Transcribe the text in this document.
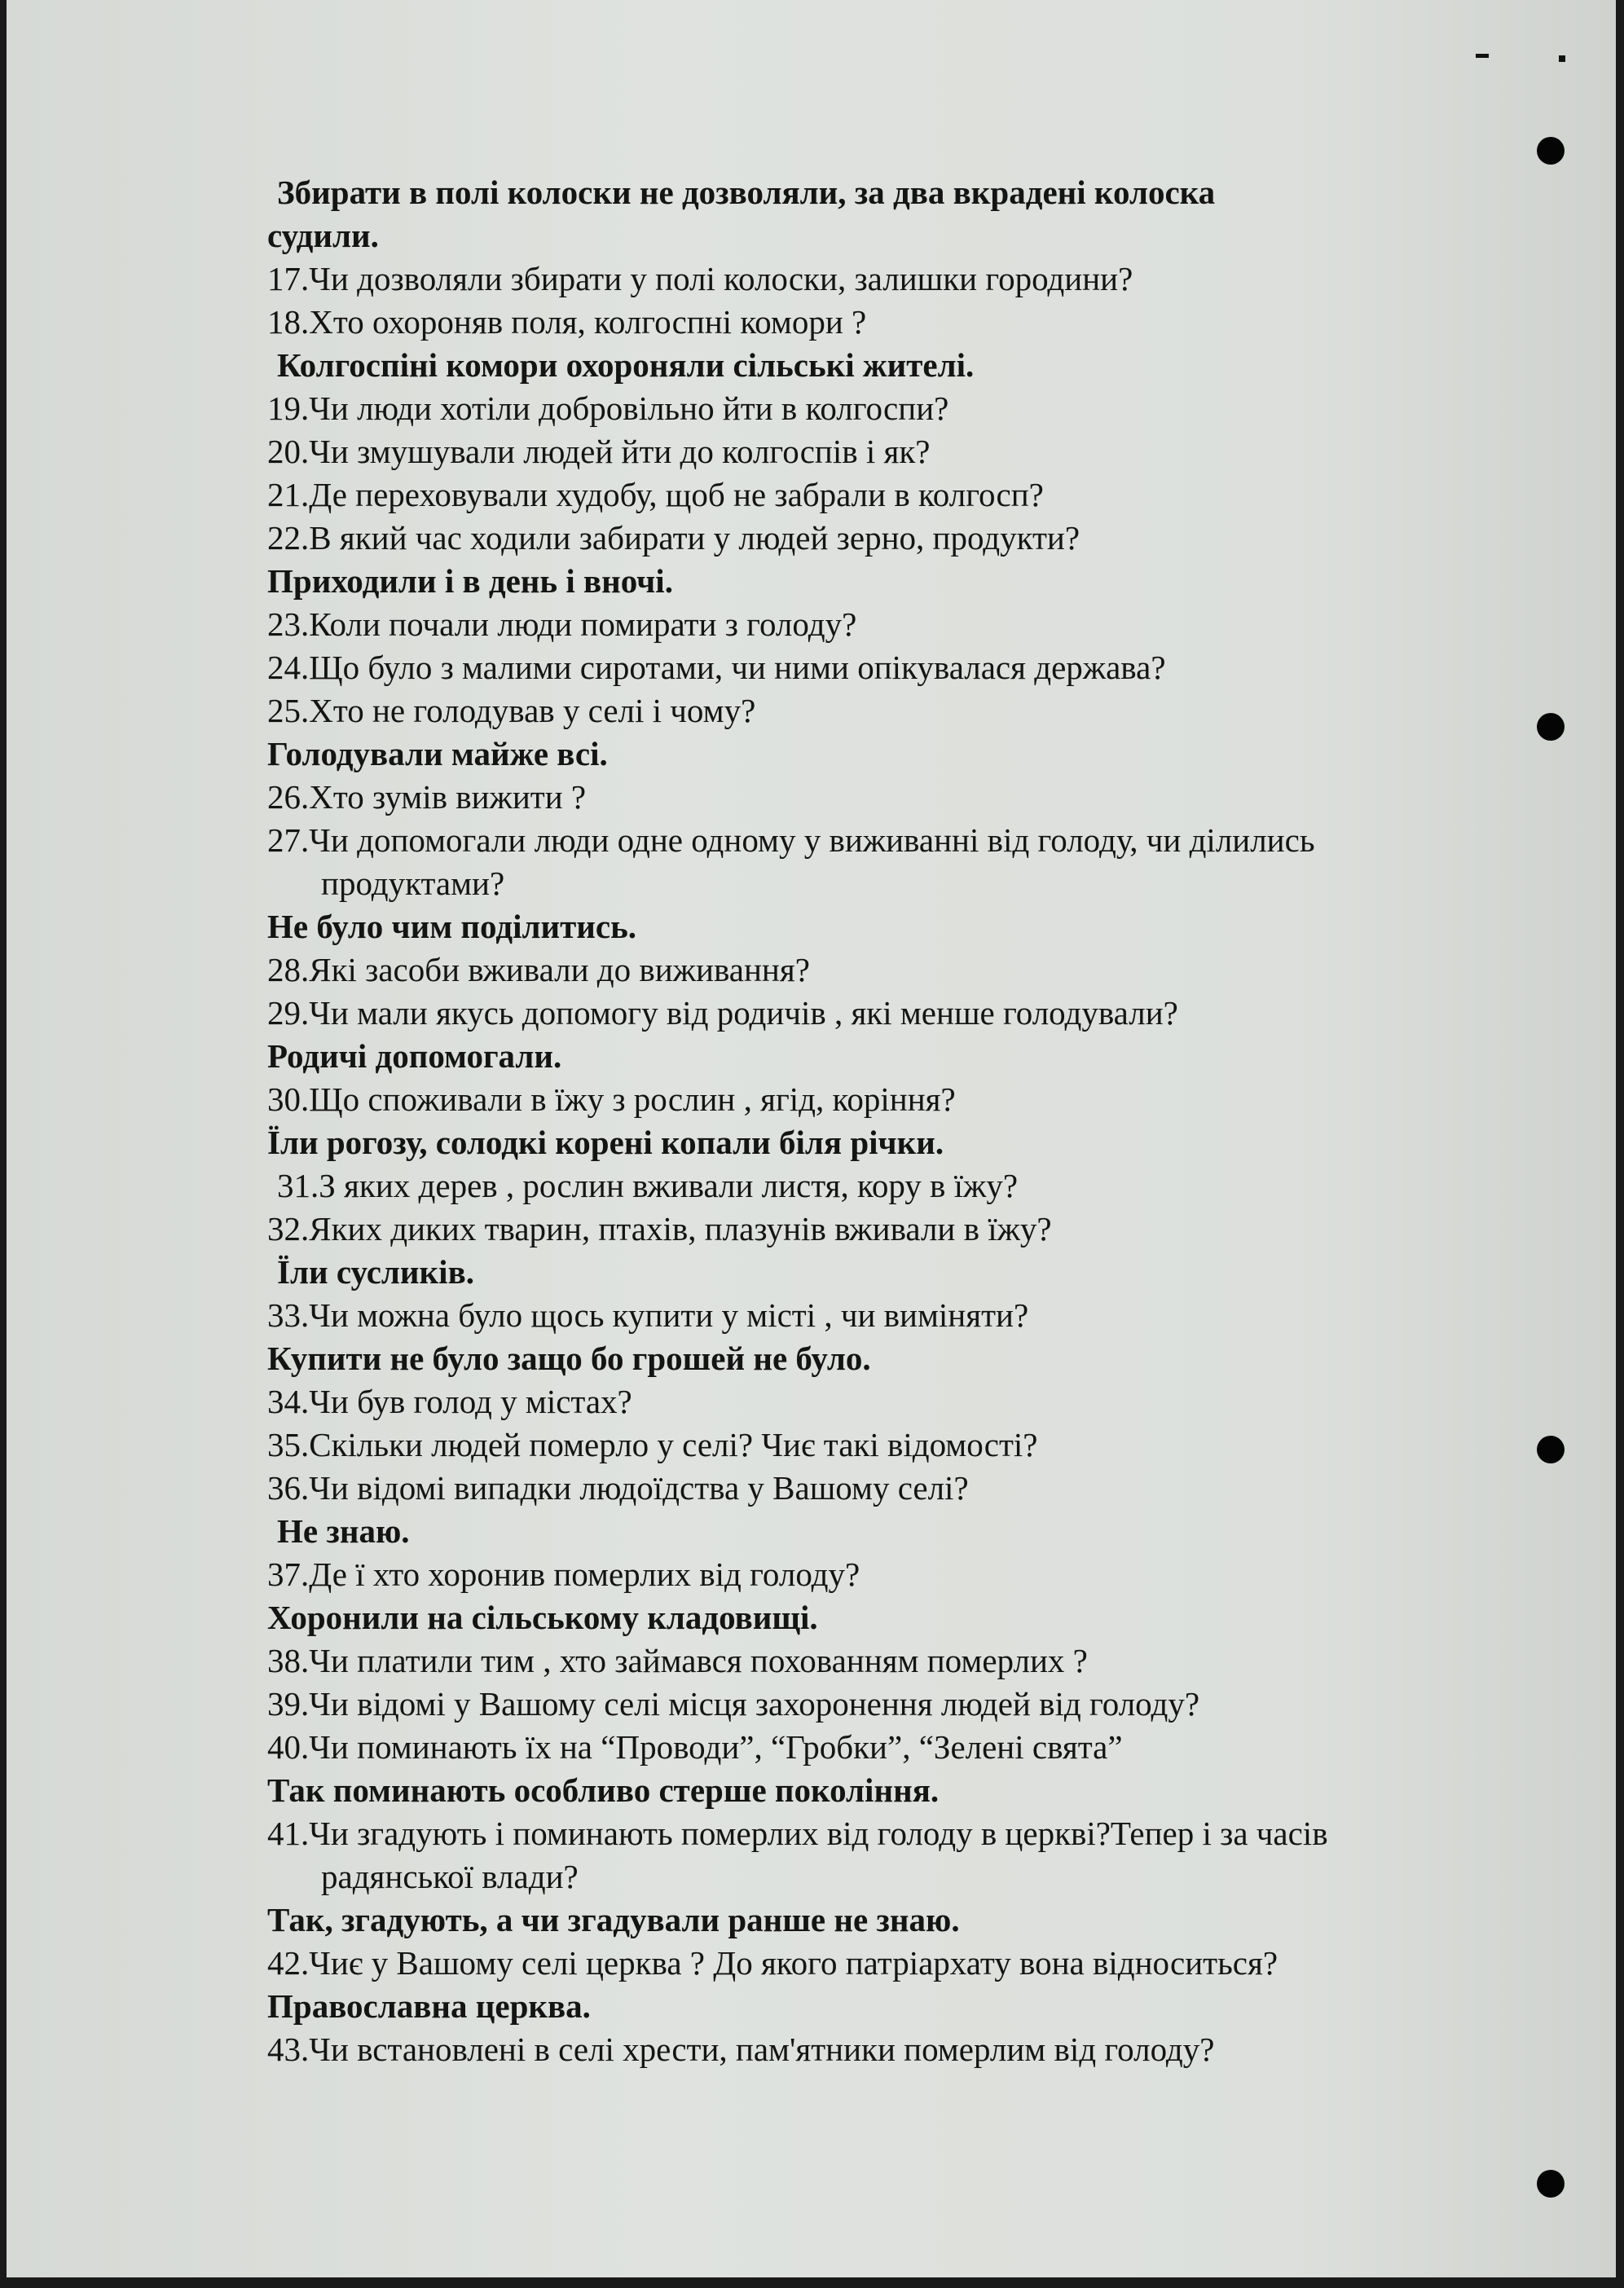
Збирати в полі колоски не дозволяли, за два вкрадені колоска
судили.
17.Чи дозволяли збирати у полі колоски, залишки городини?
18.Хто охороняв поля, колгоспні комори ?
Колгоспіні комори охороняли сільські жителі.
19.Чи люди хотіли добровільно йти в колгоспи?
20.Чи змушували людей йти до колгоспів і як?
21.Де переховували худобу, щоб не забрали в колгосп?
22.В який час ходили забирати у людей зерно, продукти?
Приходили і в день і вночі.
23.Коли почали люди помирати з голоду?
24.Що було з малими сиротами, чи ними опікувалася держава?
25.Хто не голодував у селі і чому?
Голодували майже всі.
26.Хто зумів вижити ?
27.Чи допомогали люди одне одному у виживанні від голоду, чи ділились
продуктами?
Не було чим поділитись.
28.Які засоби вживали до виживання?
29.Чи мали якусь допомогу від родичів , які менше голодували?
Родичі допомогали.
30.Що споживали в їжу з рослин , ягід, коріння?
Їли рогозу, солодкі корені копали біля річки.
31.З яких дерев , рослин вживали листя, кору в їжу?
32.Яких диких тварин, птахів, плазунів вживали в їжу?
Їли сусликів.
33.Чи можна було щось купити у місті , чи виміняти?
Купити не було защо бо грошей не було.
34.Чи був голод у містах?
35.Скільки людей померло у селі? Чиє такі відомості?
36.Чи відомі випадки людоїдства у Вашому селі?
Не знаю.
37.Де ї хто хоронив померлих від голоду?
Хоронили на сільському кладовищі.
38.Чи платили тим , хто займався похованням померлих ?
39.Чи відомі у Вашому селі місця захоронення людей від голоду?
40.Чи поминають їх на “Проводи”, “Гробки”, “Зелені свята”
Так поминають особливо стерше покоління.
41.Чи згадують і поминають померлих від голоду в церкві?Тепер і за часів
радянської влади?
Так, згадують, а чи згадували ранше не знаю.
42.Чиє у Вашому селі церква ? До якого патріархату вона відноситься?
Православна церква.
43.Чи встановлені в селі хрести, пам'ятники померлим від голоду?
